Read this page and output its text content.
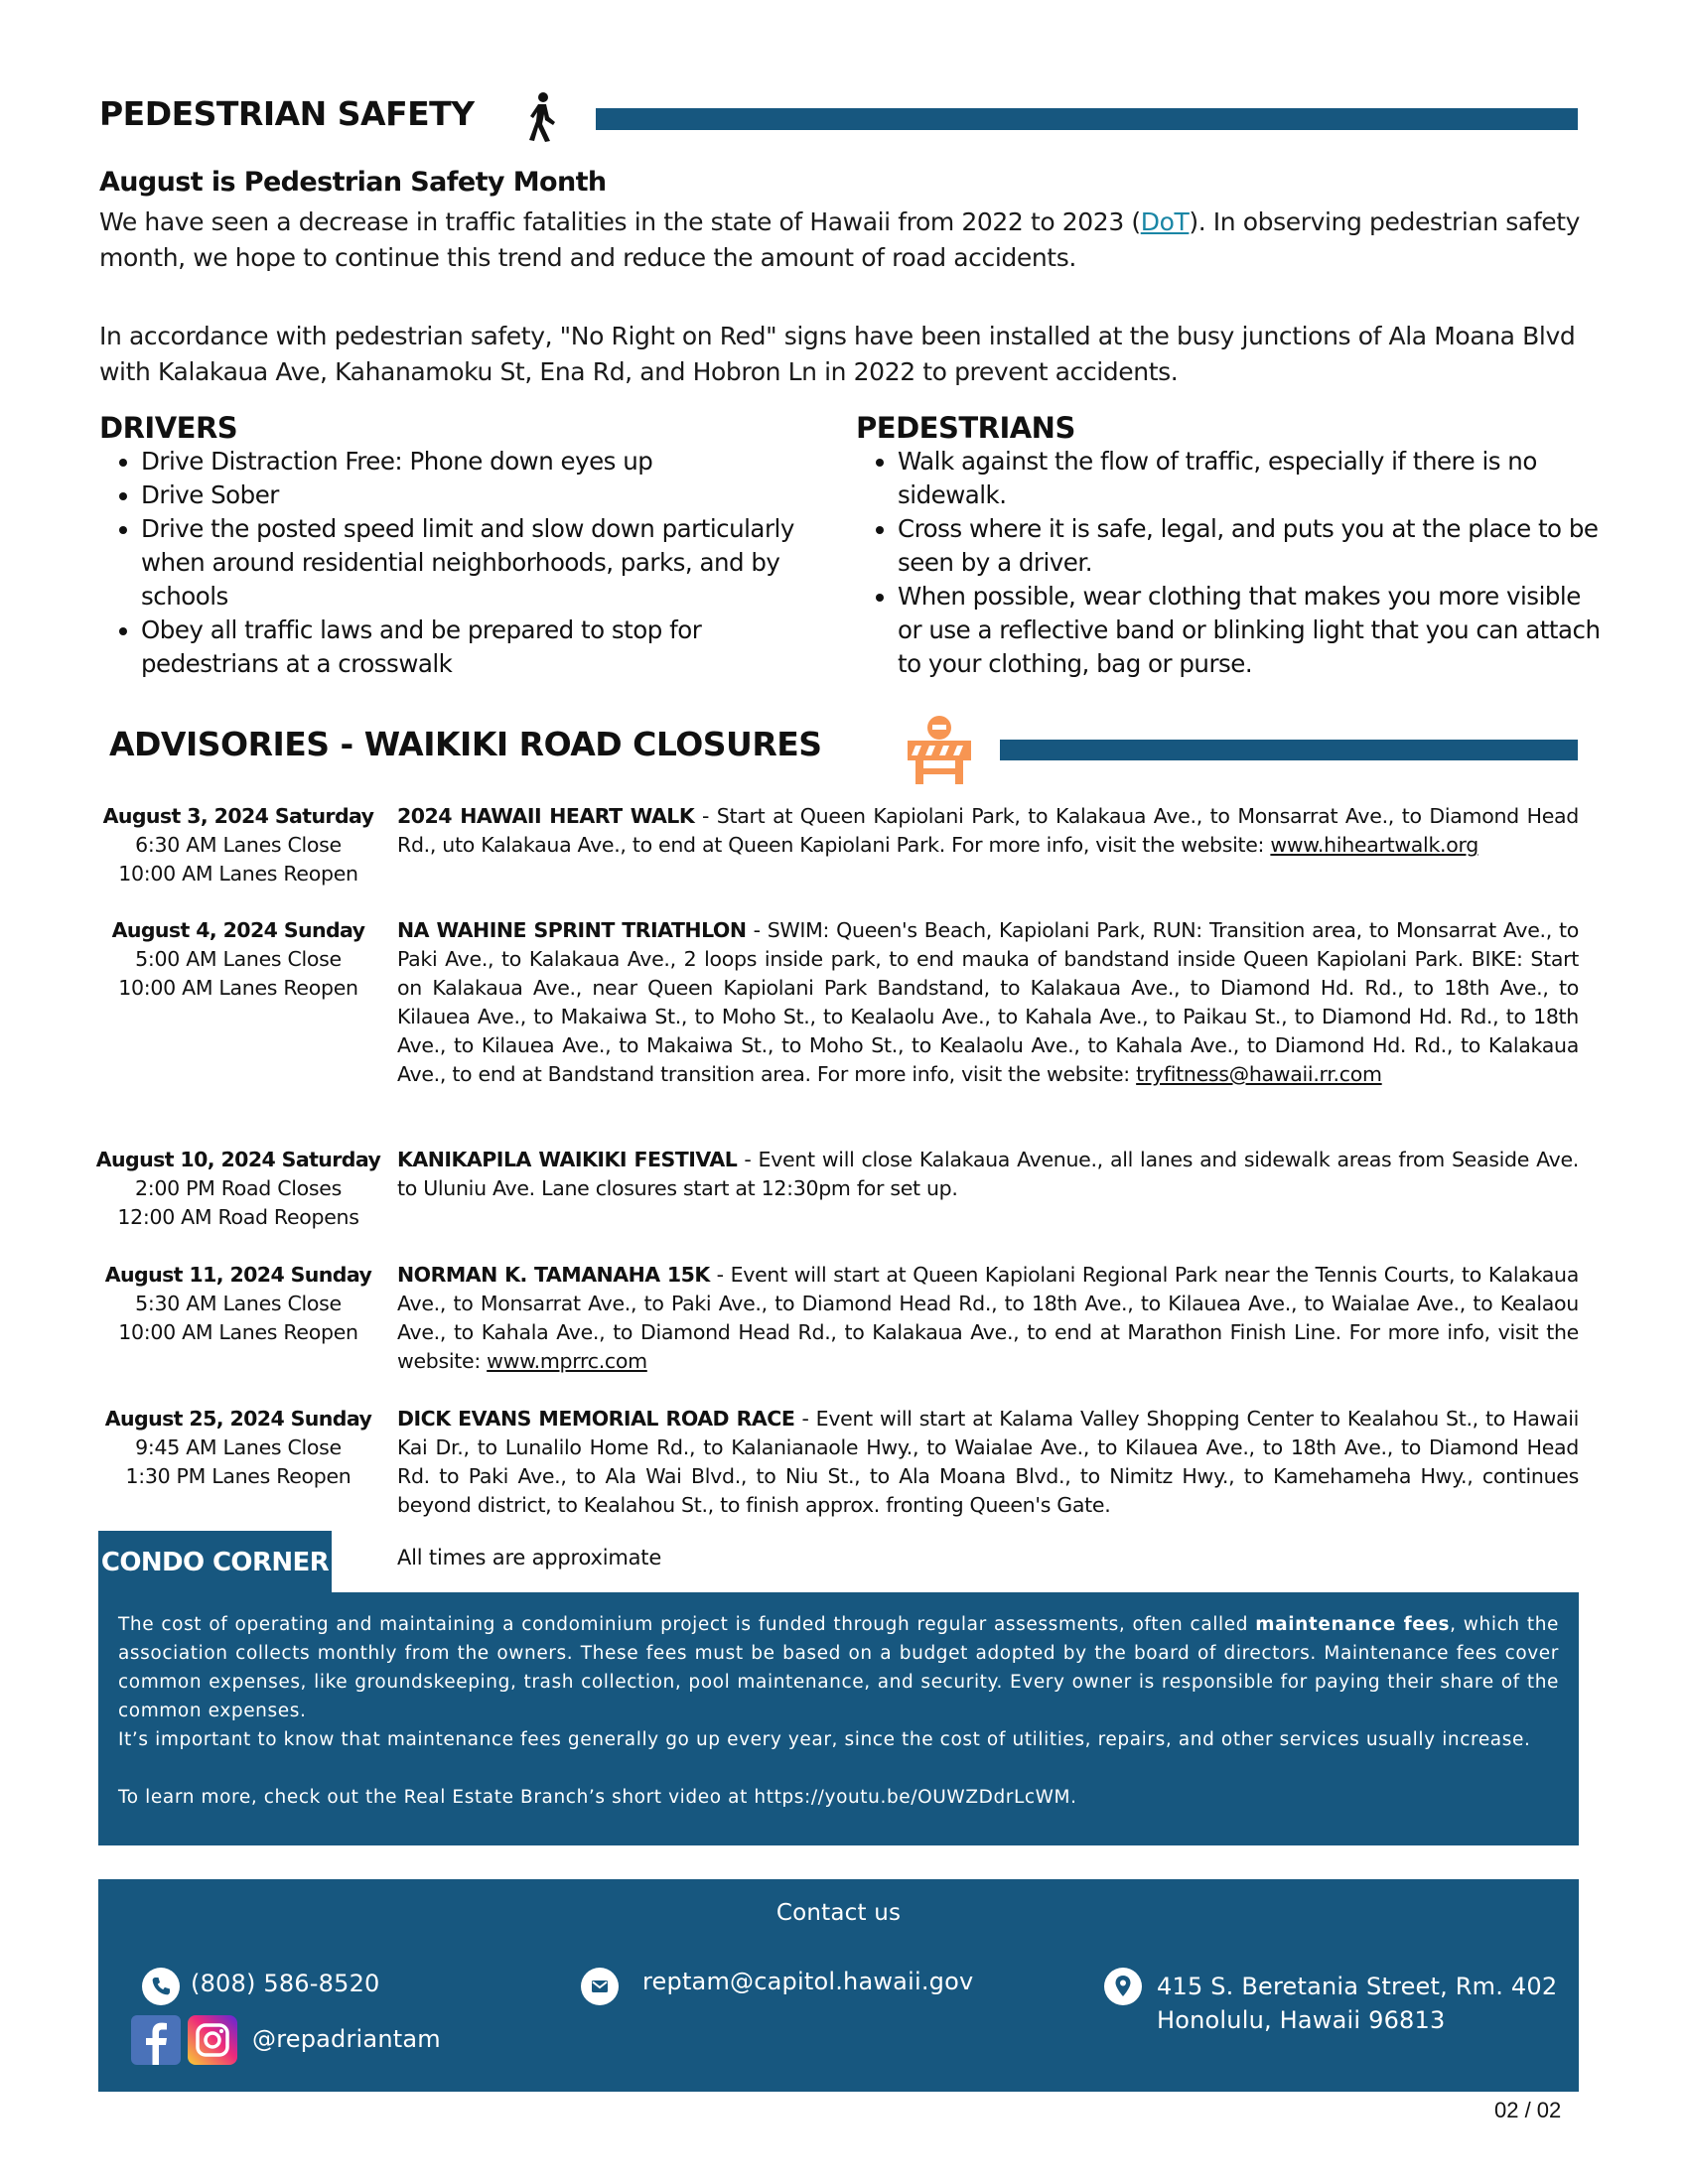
PEDESTRIAN SAFETY
August is Pedestrian Safety Month
We have seen a decrease in traffic fatalities in the state of Hawaii from 2022 to 2023 (DoT). In observing pedestrian safety month, we hope to continue this trend and reduce the amount of road accidents.
In accordance with pedestrian safety, "No Right on Red" signs have been installed at the busy junctions of Ala Moana Blvd with Kalakaua Ave, Kahanamoku St, Ena Rd, and Hobron Ln in 2022 to prevent accidents.
DRIVERS
• Drive Distraction Free: Phone down eyes up
• Drive Sober
• Drive the posted speed limit and slow down particularly when around residential neighborhoods, parks, and by schools
• Obey all traffic laws and be prepared to stop for pedestrians at a crosswalk
PEDESTRIANS
• Walk against the flow of traffic, especially if there is no sidewalk.
• Cross where it is safe, legal, and puts you at the place to be seen by a driver.
• When possible, wear clothing that makes you more visible or use a reflective band or blinking light that you can attach to your clothing, bag or purse.
ADVISORIES - WAIKIKI ROAD CLOSURES
August 3, 2024 Saturday
6:30 AM Lanes Close
10:00 AM Lanes Reopen
2024 HAWAII HEART WALK - Start at Queen Kapiolani Park, to Kalakaua Ave., to Monsarrat Ave., to Diamond Head Rd., uto Kalakaua Ave., to end at Queen Kapiolani Park. For more info, visit the website: www.hiheartwalk.org
August 4, 2024 Sunday
5:00 AM Lanes Close
10:00 AM Lanes Reopen
NA WAHINE SPRINT TRIATHLON - SWIM: Queen's Beach, Kapiolani Park, RUN: Transition area, to Monsarrat Ave., to Paki Ave., to Kalakaua Ave., 2 loops inside park, to end mauka of bandstand inside Queen Kapiolani Park. BIKE: Start on Kalakaua Ave., near Queen Kapiolani Park Bandstand, to Kalakaua Ave., to Diamond Hd. Rd., to 18th Ave., to Kilauea Ave., to Makaiwa St., to Moho St., to Kealaolu Ave., to Kahala Ave., to Paikau St., to Diamond Hd. Rd., to 18th Ave., to Kilauea Ave., to Makaiwa St., to Moho St., to Kealaolu Ave., to Kahala Ave., to Diamond Hd. Rd., to Kalakaua Ave., to end at Bandstand transition area. For more info, visit the website: tryfitness@hawaii.rr.com
August 10, 2024 Saturday
2:00 PM Road Closes
12:00 AM Road Reopens
KANIKAPILA WAIKIKI FESTIVAL - Event will close Kalakaua Avenue., all lanes and sidewalk areas from Seaside Ave. to Uluniu Ave. Lane closures start at 12:30pm for set up.
August 11, 2024 Sunday
5:30 AM Lanes Close
10:00 AM Lanes Reopen
NORMAN K. TAMANAHA 15K - Event will start at Queen Kapiolani Regional Park near the Tennis Courts, to Kalakaua Ave., to Monsarrat Ave., to Paki Ave., to Diamond Head Rd., to 18th Ave., to Kilauea Ave., to Waialae Ave., to Kealaou Ave., to Kahala Ave., to Diamond Head Rd., to Kalakaua Ave., to end at Marathon Finish Line. For more info, visit the website: www.mprrc.com
August 25, 2024 Sunday
9:45 AM Lanes Close
1:30 PM Lanes Reopen
DICK EVANS MEMORIAL ROAD RACE - Event will start at Kalama Valley Shopping Center to Kealahou St., to Hawaii Kai Dr., to Lunalilo Home Rd., to Kalanianaole Hwy., to Waialae Ave., to Kilauea Ave., to 18th Ave., to Diamond Head Rd. to Paki Ave., to Ala Wai Blvd., to Niu St., to Ala Moana Blvd., to Nimitz Hwy., to Kamehameha Hwy., continues beyond district, to Kealahou St., to finish approx. fronting Queen's Gate.
CONDO CORNER	All times are approximate

The cost of operating and maintaining a condominium project is funded through regular assessments, often called maintenance fees, which the association collects monthly from the owners. These fees must be based on a budget adopted by the board of directors. Maintenance fees cover common expenses, like groundskeeping, trash collection, pool maintenance, and security. Every owner is responsible for paying their share of the common expenses.

It’s important to know that maintenance fees generally go up every year, since the cost of utilities, repairs, and other services usually increase.

To learn more, check out the Real Estate Branch’s short video at https://youtu.be/OUWZDdrLcWM.

Contact us
(808) 586-8520	reptam@capitol.hawaii.gov	415 S. Beretania Street, Rm. 402
Honolulu, Hawaii 96813
@repadriantam
02 / 02
